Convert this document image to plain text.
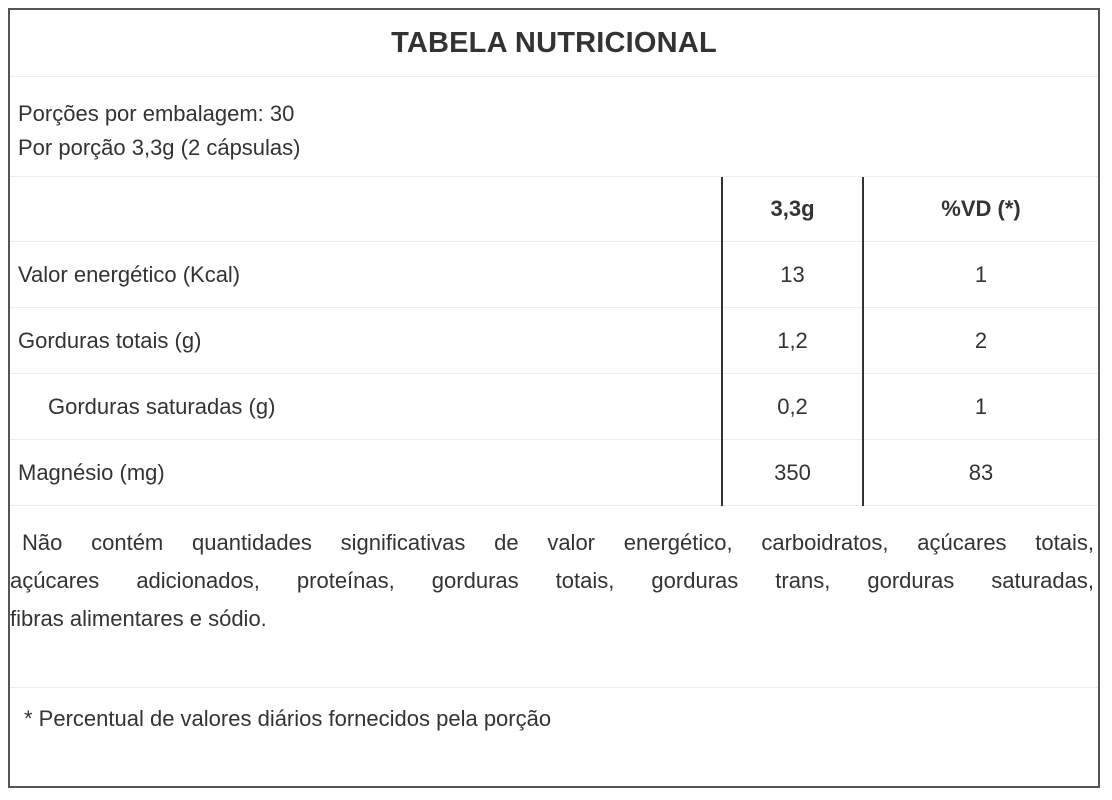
TABELA NUTRICIONAL
Porções por embalagem: 30
Por porção 3,3g (2 cápsulas)
	3,3g	%VD (*)
Valor energético (Kcal)	13	1
Gorduras totais (g)	1,2	2
Gorduras saturadas (g)	0,2	1
Magnésio (mg)	350	83
Não contém quantidades significativas de valor energético, carboidratos, açúcares totais,
açúcares adicionados, proteínas, gorduras totais, gorduras trans, gorduras saturadas,
fibras alimentares e sódio.
* Percentual de valores diários fornecidos pela porção
